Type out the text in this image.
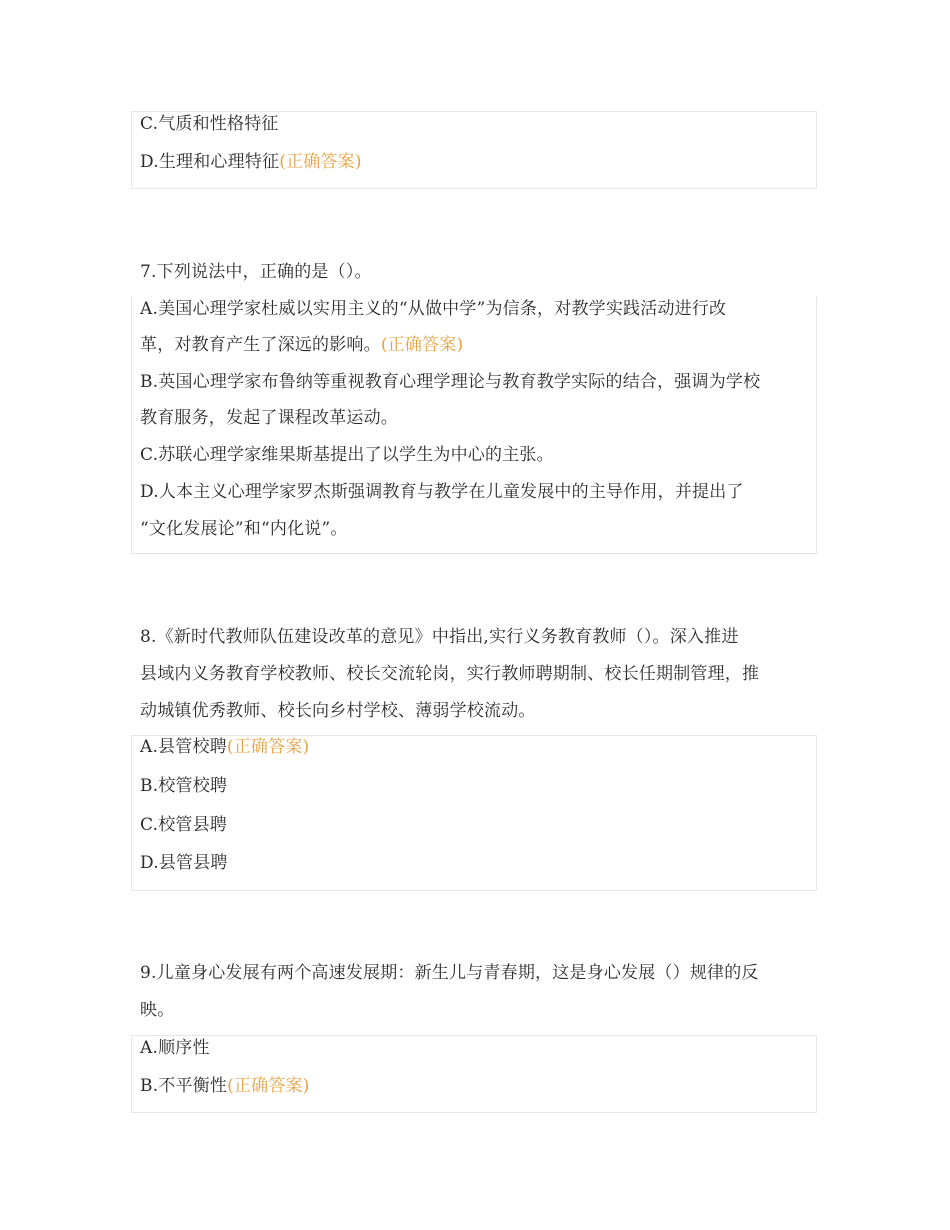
C.气质和性格特征
D.生理和心理特征(正确答案)
7.下列说法中，正确的是（）。
A.美国心理学家杜威以实用主义的“从做中学”为信条，对教学实践活动进行改
革，对教育产生了深远的影响。(正确答案)
B.英国心理学家布鲁纳等重视教育心理学理论与教育教学实际的结合，强调为学校
教育服务，发起了课程改革运动。
C.苏联心理学家维果斯基提出了以学生为中心的主张。
D.人本主义心理学家罗杰斯强调教育与教学在儿童发展中的主导作用，并提出了
“文化发展论”和“内化说”。
8.《新时代教师队伍建设改革的意见》中指出,实行义务教育教师（）。深入推进
县域内义务教育学校教师、校长交流轮岗，实行教师聘期制、校长任期制管理，推
动城镇优秀教师、校长向乡村学校、薄弱学校流动。
A.县管校聘(正确答案)
B.校管校聘
C.校管县聘
D.县管县聘
9.儿童身心发展有两个高速发展期：新生儿与青春期，这是身心发展（）规律的反
映。
A.顺序性
B.不平衡性(正确答案)
